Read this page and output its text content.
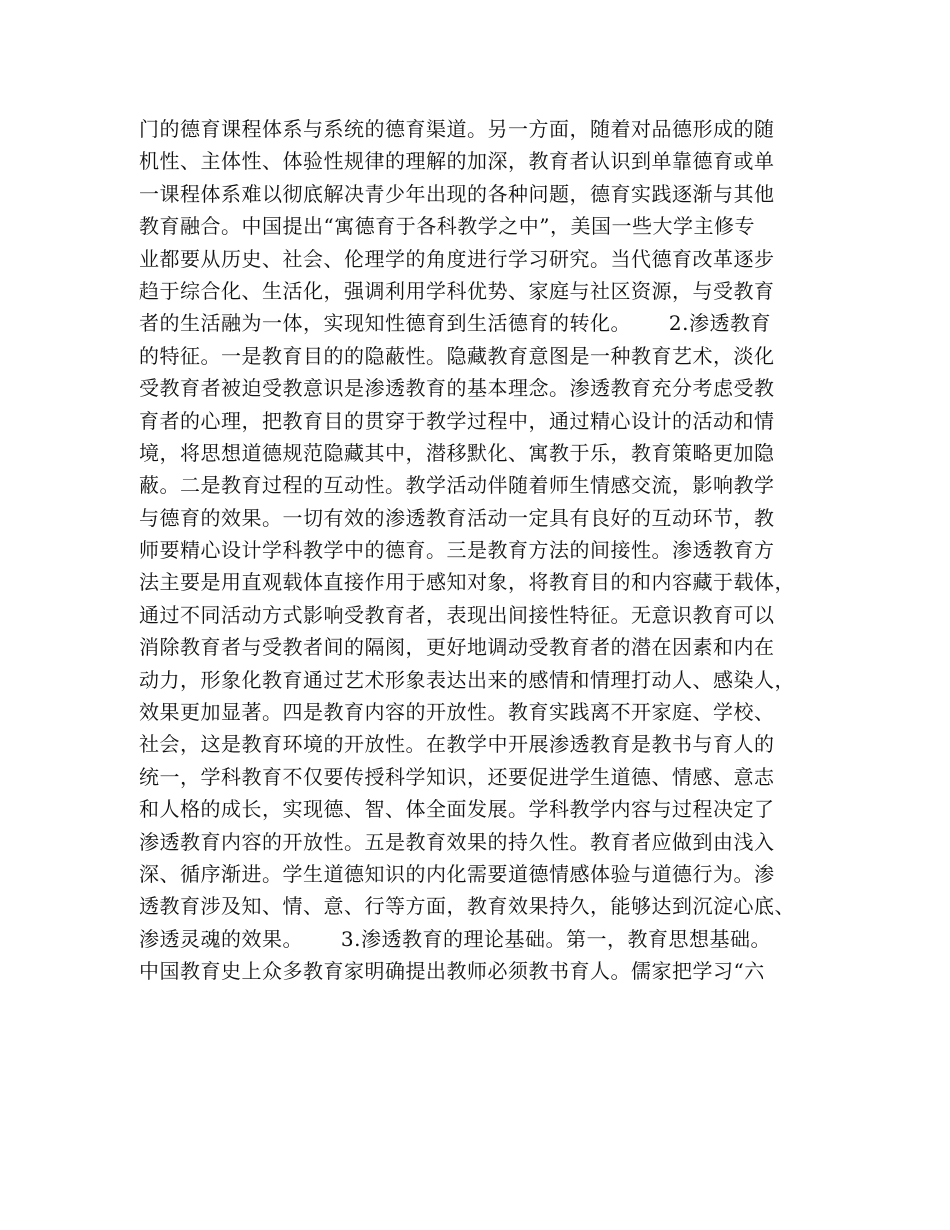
门的德育课程体系与系统的德育渠道。另一方面，随着对品德形成的随
机性、主体性、体验性规律的理解的加深，教育者认识到单靠德育或单
一课程体系难以彻底解决青少年出现的各种问题，德育实践逐渐与其他
教育融合。中国提出“寓德育于各科教学之中”，美国一些大学主修专
业都要从历史、社会、伦理学的角度进行学习研究。当代德育改革逐步
趋于综合化、生活化，强调利用学科优势、家庭与社区资源，与受教育
者的生活融为一体，实现知性德育到生活德育的转化。　　 2.渗透教育
的特征。一是教育目的的隐蔽性。隐藏教育意图是一种教育艺术，淡化
受教育者被迫受教意识是渗透教育的基本理念。渗透教育充分考虑受教
育者的心理，把教育目的贯穿于教学过程中，通过精心设计的活动和情
境，将思想道德规范隐藏其中，潜移默化、寓教于乐，教育策略更加隐
蔽。二是教育过程的互动性。教学活动伴随着师生情感交流，影响教学
与德育的效果。一切有效的渗透教育活动一定具有良好的互动环节，教
师要精心设计学科教学中的德育。三是教育方法的间接性。渗透教育方
法主要是用直观载体直接作用于感知对象，将教育目的和内容藏于载体，
通过不同活动方式影响受教育者，表现出间接性特征。无意识教育可以
消除教育者与受教者间的隔阂，更好地调动受教育者的潜在因素和内在
动力，形象化教育通过艺术形象表达出来的感情和情理打动人、感染人，
效果更加显著。四是教育内容的开放性。教育实践离不开家庭、学校、
社会，这是教育环境的开放性。在教学中开展渗透教育是教书与育人的
统一，学科教育不仅要传授科学知识，还要促进学生道德、情感、意志
和人格的成长，实现德、智、体全面发展。学科教学内容与过程决定了
渗透教育内容的开放性。五是教育效果的持久性。教育者应做到由浅入
深、循序渐进。学生道德知识的内化需要道德情感体验与道德行为。渗
透教育涉及知、情、意、行等方面，教育效果持久，能够达到沉淀心底、
渗透灵魂的效果。　　 3.渗透教育的理论基础。第一，教育思想基础。
中国教育史上众多教育家明确提出教师必须教书育人。儒家把学习“六
